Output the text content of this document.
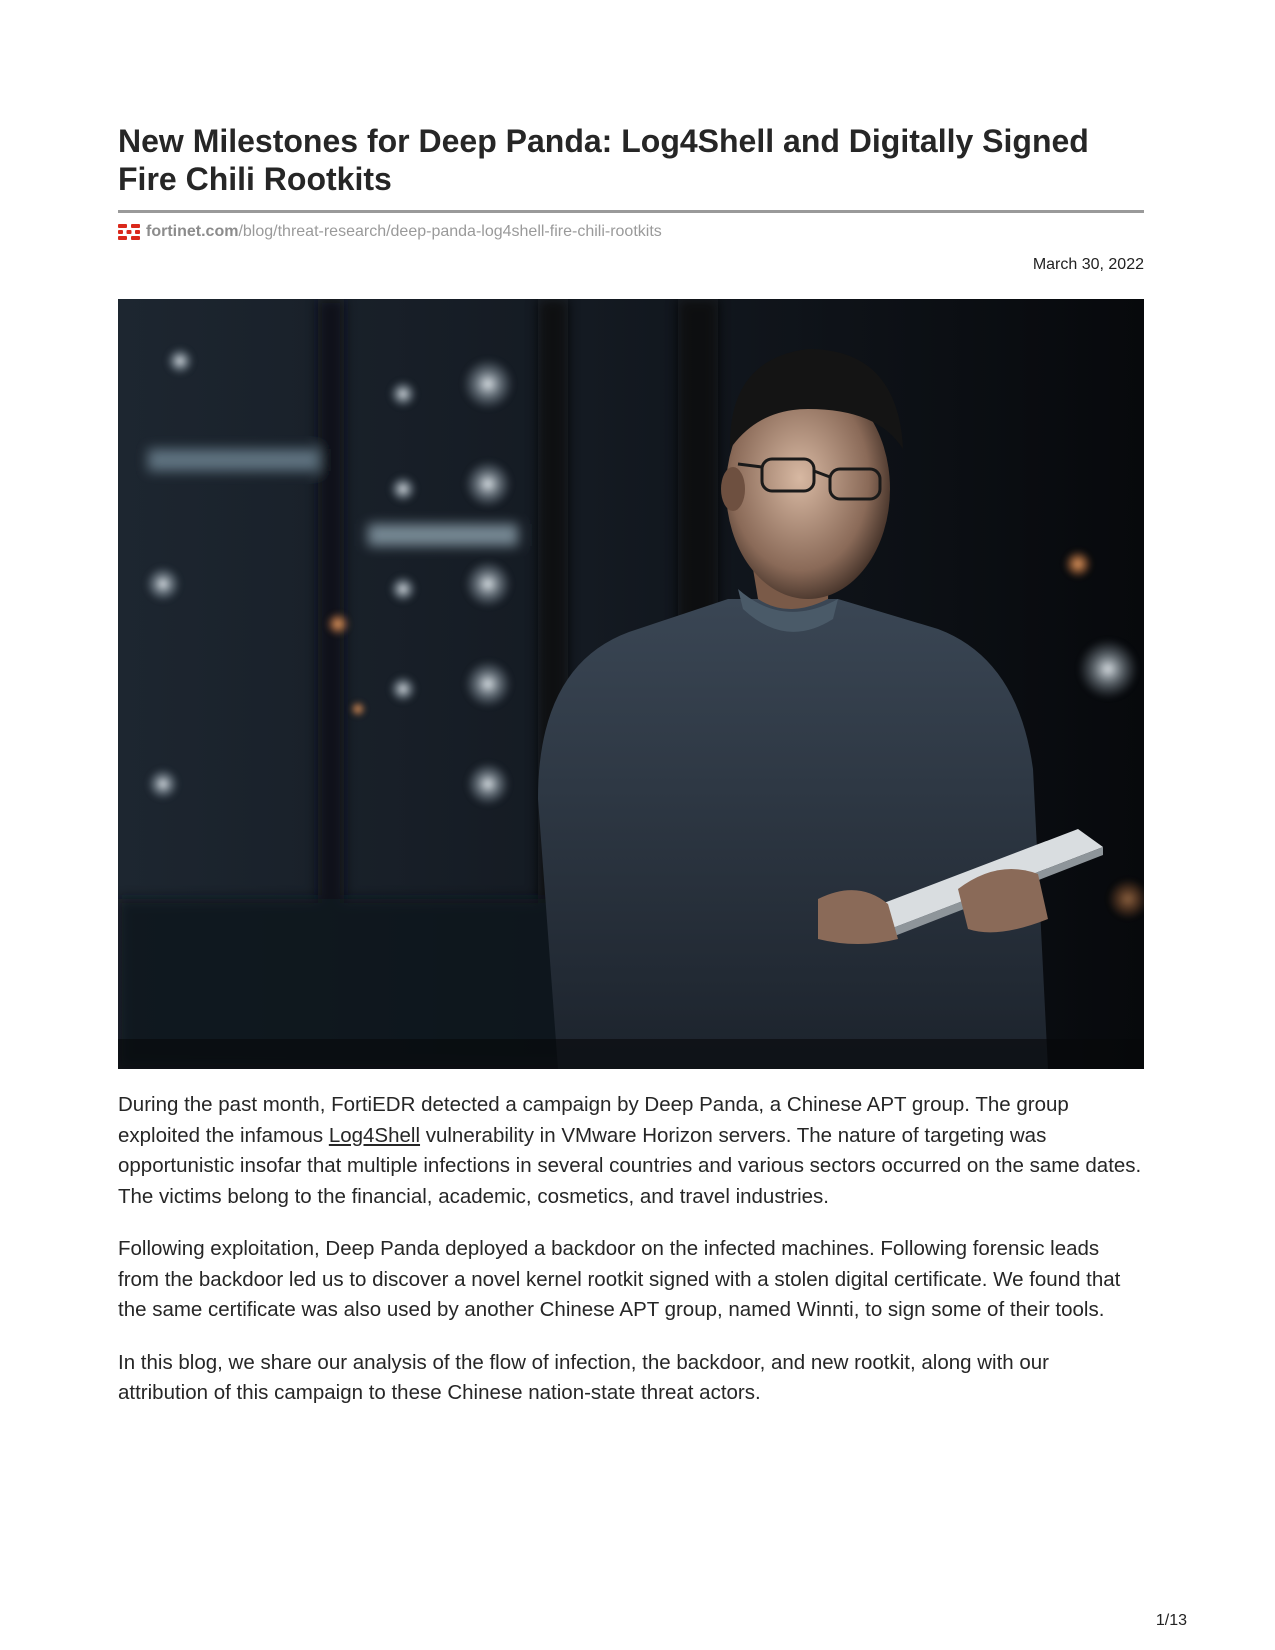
New Milestones for Deep Panda: Log4Shell and Digitally Signed Fire Chili Rootkits
fortinet.com /blog/threat-research/deep-panda-log4shell-fire-chili-rootkits
March 30, 2022

During the past month, FortiEDR detected a campaign by Deep Panda, a Chinese APT group. The group exploited the infamous Log4Shell vulnerability in VMware Horizon servers. The nature of targeting was opportunistic insofar that multiple infections in several countries and various sectors occurred on the same dates. The victims belong to the financial, academic, cosmetics, and travel industries.

Following exploitation, Deep Panda deployed a backdoor on the infected machines. Following forensic leads from the backdoor led us to discover a novel kernel rootkit signed with a stolen digital certificate. We found that the same certificate was also used by another Chinese APT group, named Winnti, to sign some of their tools.

In this blog, we share our analysis of the flow of infection, the backdoor, and new rootkit, along with our attribution of this campaign to these Chinese nation-state threat actors.

1/13
